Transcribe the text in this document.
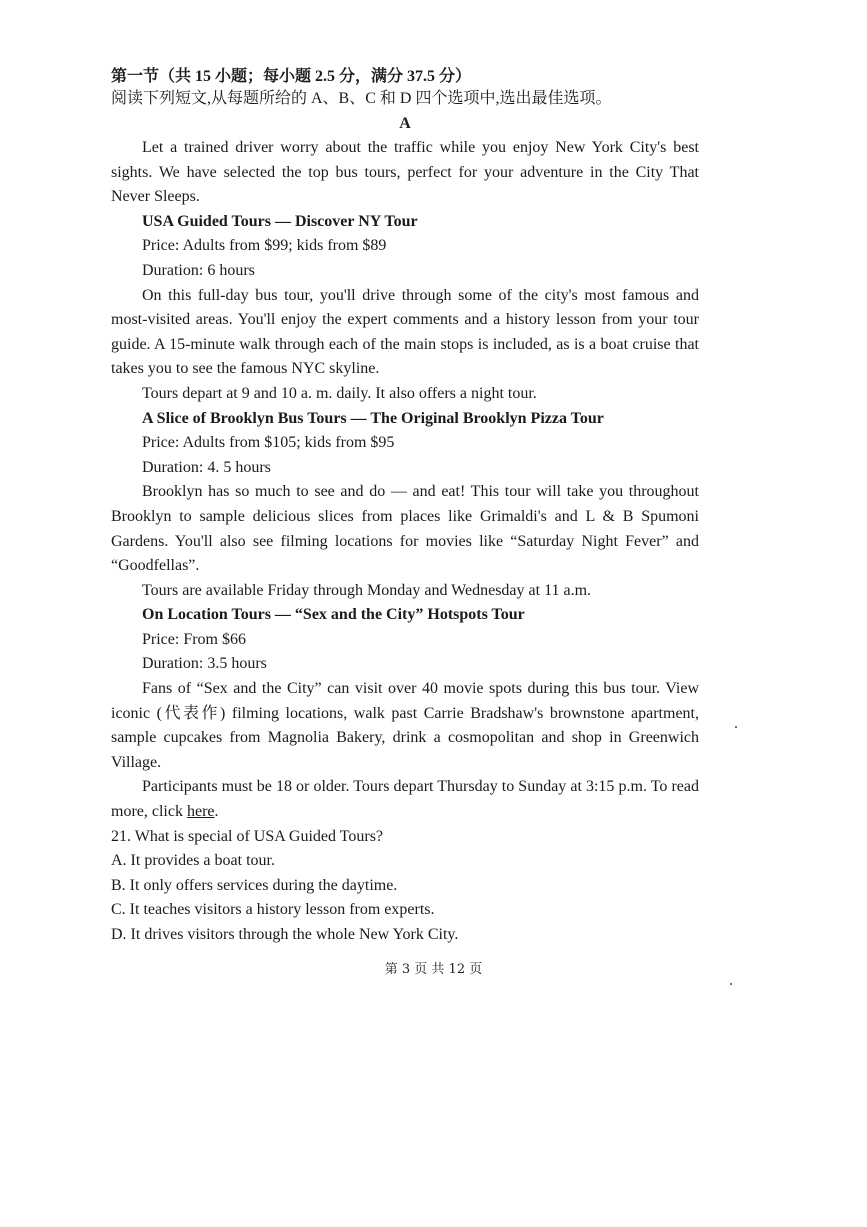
第一节（共 15 小题；每小题 2.5 分，满分 37.5 分）
阅读下列短文,从每题所给的 A、B、C 和 D 四个选项中,选出最佳选项。
A

Let a trained driver worry about the traffic while you enjoy New York City's best sights. We have selected the top bus tours, perfect for your adventure in the City That Never Sleeps.

USA Guided Tours — Discover NY Tour
Price: Adults from $99; kids from $89
Duration: 6 hours

On this full-day bus tour, you'll drive through some of the city's most famous and most-visited areas. You'll enjoy the expert comments and a history lesson from your tour guide. A 15-minute walk through each of the main stops is included, as is a boat cruise that takes you to see the famous NYC skyline.

Tours depart at 9 and 10 a. m. daily. It also offers a night tour.
A Slice of Brooklyn Bus Tours — The Original Brooklyn Pizza Tour
Price: Adults from $105; kids from $95
Duration: 4. 5 hours

Brooklyn has so much to see and do — and eat! This tour will take you throughout Brooklyn to sample delicious slices from places like Grimaldi's and L & B Spumoni Gardens. You'll also see filming locations for movies like “Saturday Night Fever” and “Goodfellas”.

Tours are available Friday through Monday and Wednesday at 11 a.m.
On Location Tours — “Sex and the City” Hotspots Tour
Price: From $66
Duration: 3.5 hours

Fans of “Sex and the City” can visit over 40 movie spots during this bus tour. View iconic (代表作) filming locations, walk past Carrie Bradshaw's brownstone apartment, sample cupcakes from Magnolia Bakery, drink a cosmopolitan and shop in Greenwich Village.

Participants must be 18 or older. Tours depart Thursday to Sunday at 3:15 p.m. To read more, click here.

21. What is special of USA Guided Tours?
A. It provides a boat tour.
B. It only offers services during the daytime.
C. It teaches visitors a history lesson from experts.
D. It drives visitors through the whole New York City.
第 3 页 共 12 页
